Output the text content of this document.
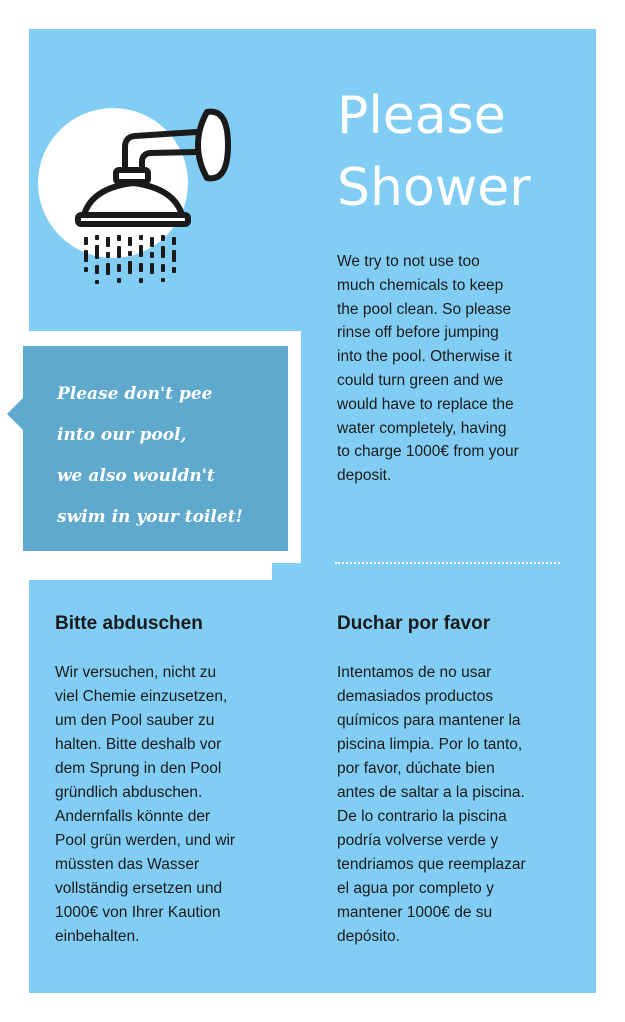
Please
Shower
We try to not use too
much chemicals to keep
the pool clean. So please
rinse off before jumping
into the pool. Otherwise it
could turn green and we
would have to replace the
water completely, having
to charge 1000€ from your
deposit.
Please don't pee
into our pool,
we also wouldn't
swim in your toilet!
Bitte abduschen
Wir versuchen, nicht zu
viel Chemie einzusetzen,
um den Pool sauber zu
halten. Bitte deshalb vor
dem Sprung in den Pool
gründlich abduschen.
Andernfalls könnte der
Pool grün werden, und wir
müssten das Wasser
vollständig ersetzen und
1000€ von Ihrer Kaution
einbehalten.
Duchar por favor
Intentamos de no usar
demasiados productos
químicos para mantener la
piscina limpia. Por lo tanto,
por favor, dúchate bien
antes de saltar a la piscina.
De lo contrario la piscina
podría volverse verde y
tendriamos que reemplazar
el agua por completo y
mantener 1000€ de su
depósito.
